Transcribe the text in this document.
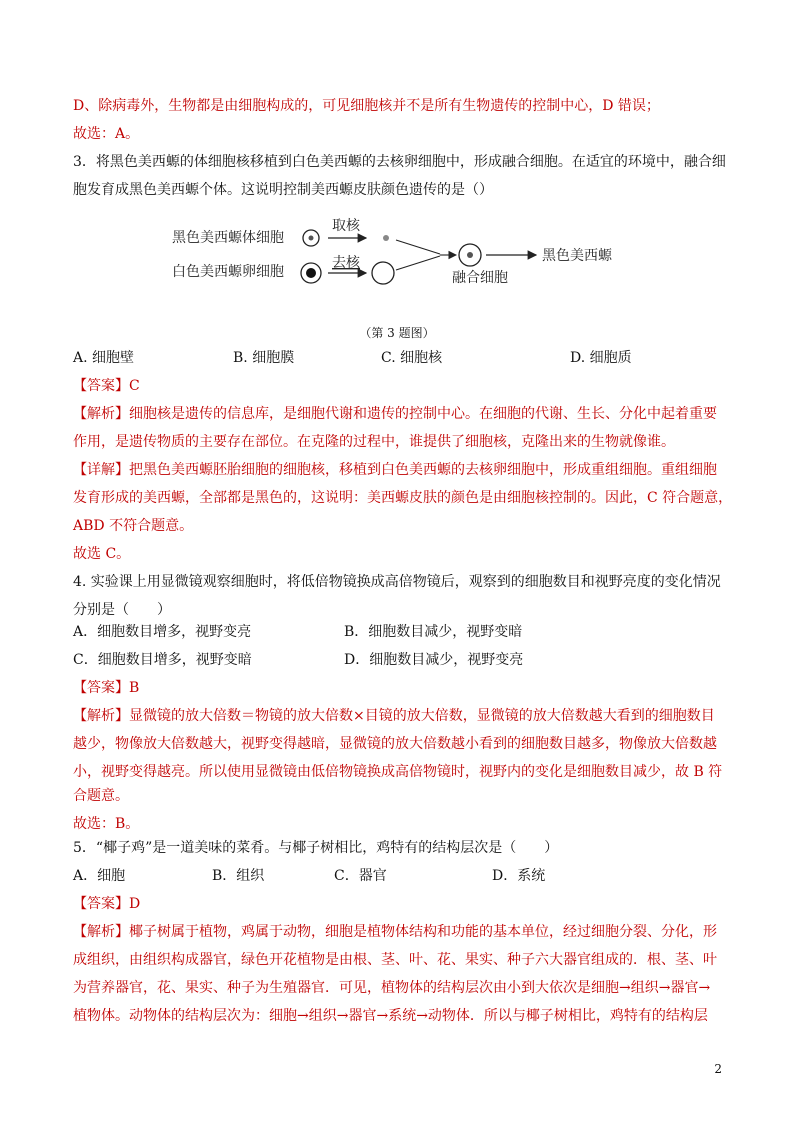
D、除病毒外，生物都是由细胞构成的，可见细胞核并不是所有生物遗传的控制中心，D 错误；
故选：A。
3．将黑色美西螈的体细胞核移植到白色美西螈的去核卵细胞中，形成融合细胞。在适宜的环境中，融合细
胞发育成黑色美西螈个体。这说明控制美西螈皮肤颜色遗传的是（）
黑色美西螈体细胞
取核
白色美西螈卵细胞
去核
融合细胞
黑色美西螈
（第 3 题图）
A. 细胞壁	B. 细胞膜	C. 细胞核	D. 细胞质
【答案】C
【解析】细胞核是遗传的信息库，是细胞代谢和遗传的控制中心。在细胞的代谢、生长、分化中起着重要
作用，是遗传物质的主要存在部位。在克隆的过程中，谁提供了细胞核，克隆出来的生物就像谁。
【详解】把黑色美西螈胚胎细胞的细胞核，移植到白色美西螈的去核卵细胞中，形成重组细胞。重组细胞
发育形成的美西螈，全部都是黑色的，这说明：美西螈皮肤的颜色是由细胞核控制的。因此，C 符合题意，
ABD 不符合题意。
故选 C。
4. 实验课上用显微镜观察细胞时，将低倍物镜换成高倍物镜后，观察到的细胞数目和视野亮度的变化情况
分别是（　　）
A．细胞数目增多，视野变亮	B．细胞数目减少，视野变暗
C．细胞数目增多，视野变暗	D．细胞数目减少，视野变亮
【答案】B
【解析】显微镜的放大倍数＝物镜的放大倍数×目镜的放大倍数，显微镜的放大倍数越大看到的细胞数目
越少，物像放大倍数越大，视野变得越暗，显微镜的放大倍数越小看到的细胞数目越多，物像放大倍数越
小，视野变得越亮。所以使用显微镜由低倍物镜换成高倍物镜时，视野内的变化是细胞数目减少，故 B 符
合题意。
故选：B。
5．“椰子鸡”是一道美味的菜肴。与椰子树相比，鸡特有的结构层次是（　　）
A．细胞	B．组织	C．器官	D．系统
【答案】D
【解析】椰子树属于植物，鸡属于动物，细胞是植物体结构和功能的基本单位，经过细胞分裂、分化，形
成组织，由组织构成器官，绿色开花植物是由根、茎、叶、花、果实、种子六大器官组成的．根、茎、叶
为营养器官，花、果实、种子为生殖器官．可见，植物体的结构层次由小到大依次是细胞→组织→器官→
植物体。动物体的结构层次为：细胞→组织→器官→系统→动物体．所以与椰子树相比，鸡特有的结构层
2
